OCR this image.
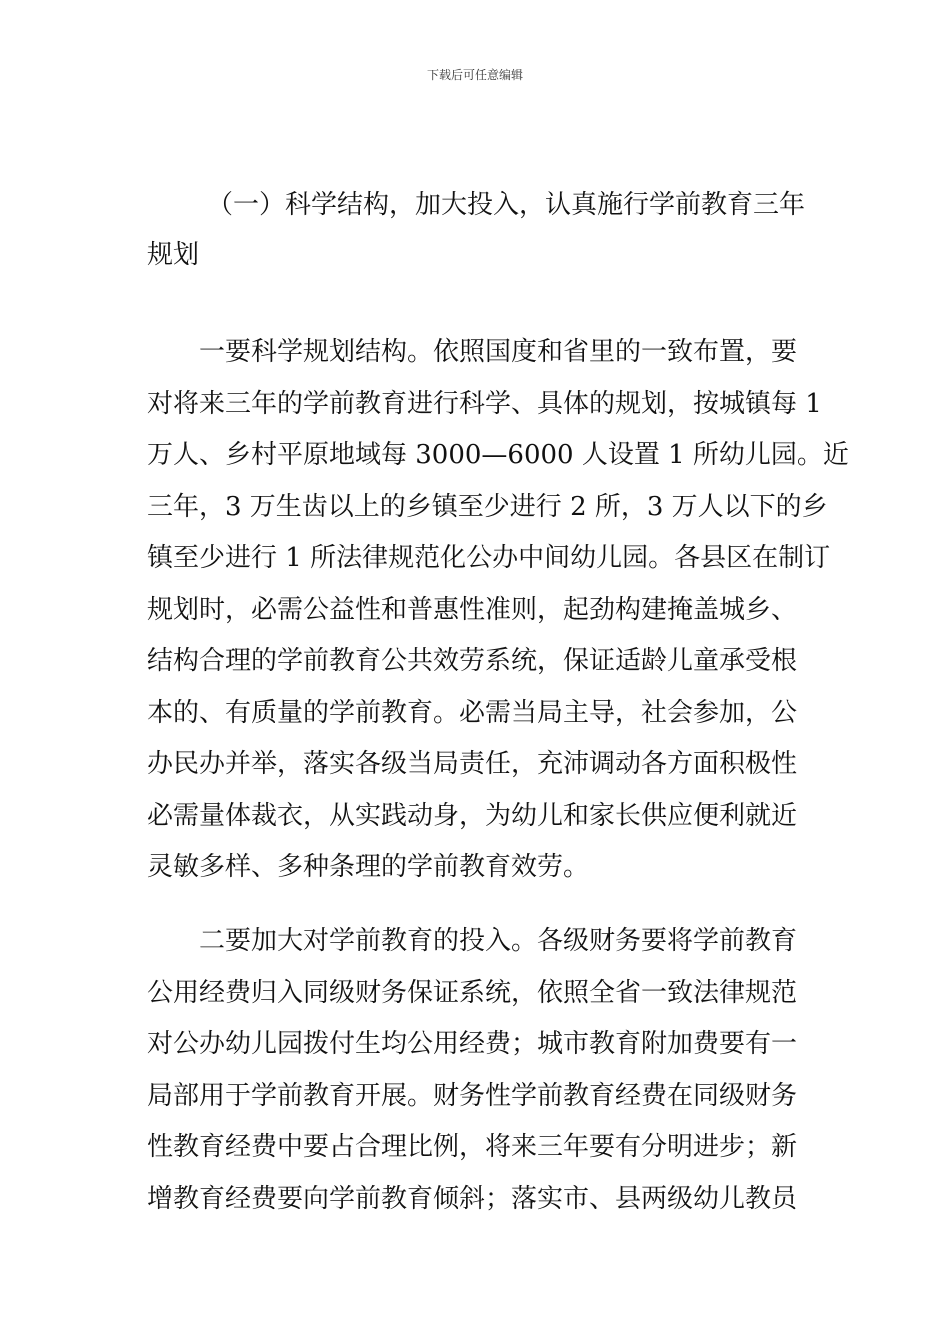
下载后可任意编辑
（一）科学结构，加大投入，认真施行学前教育三年
规划
一要科学规划结构。依照国度和省里的一致布置，要
对将来三年的学前教育进行科学、具体的规划，按城镇每 1
万人、乡村平原地域每 3000—6000 人设置 1 所幼儿园。近
三年，3 万生齿以上的乡镇至少进行 2 所，3 万人以下的乡
镇至少进行 1 所法律规范化公办中间幼儿园。各县区在制订
规划时，必需公益性和普惠性准则，起劲构建掩盖城乡、
结构合理的学前教育公共效劳系统，保证适龄儿童承受根
本的、有质量的学前教育。必需当局主导，社会参加，公
办民办并举，落实各级当局责任，充沛调动各方面积极性
必需量体裁衣，从实践动身，为幼儿和家长供应便利就近
灵敏多样、多种条理的学前教育效劳。
二要加大对学前教育的投入。各级财务要将学前教育
公用经费归入同级财务保证系统，依照全省一致法律规范
对公办幼儿园拨付生均公用经费；城市教育附加费要有一
局部用于学前教育开展。财务性学前教育经费在同级财务
性教育经费中要占合理比例，将来三年要有分明进步；新
增教育经费要向学前教育倾斜；落实市、县两级幼儿教员
